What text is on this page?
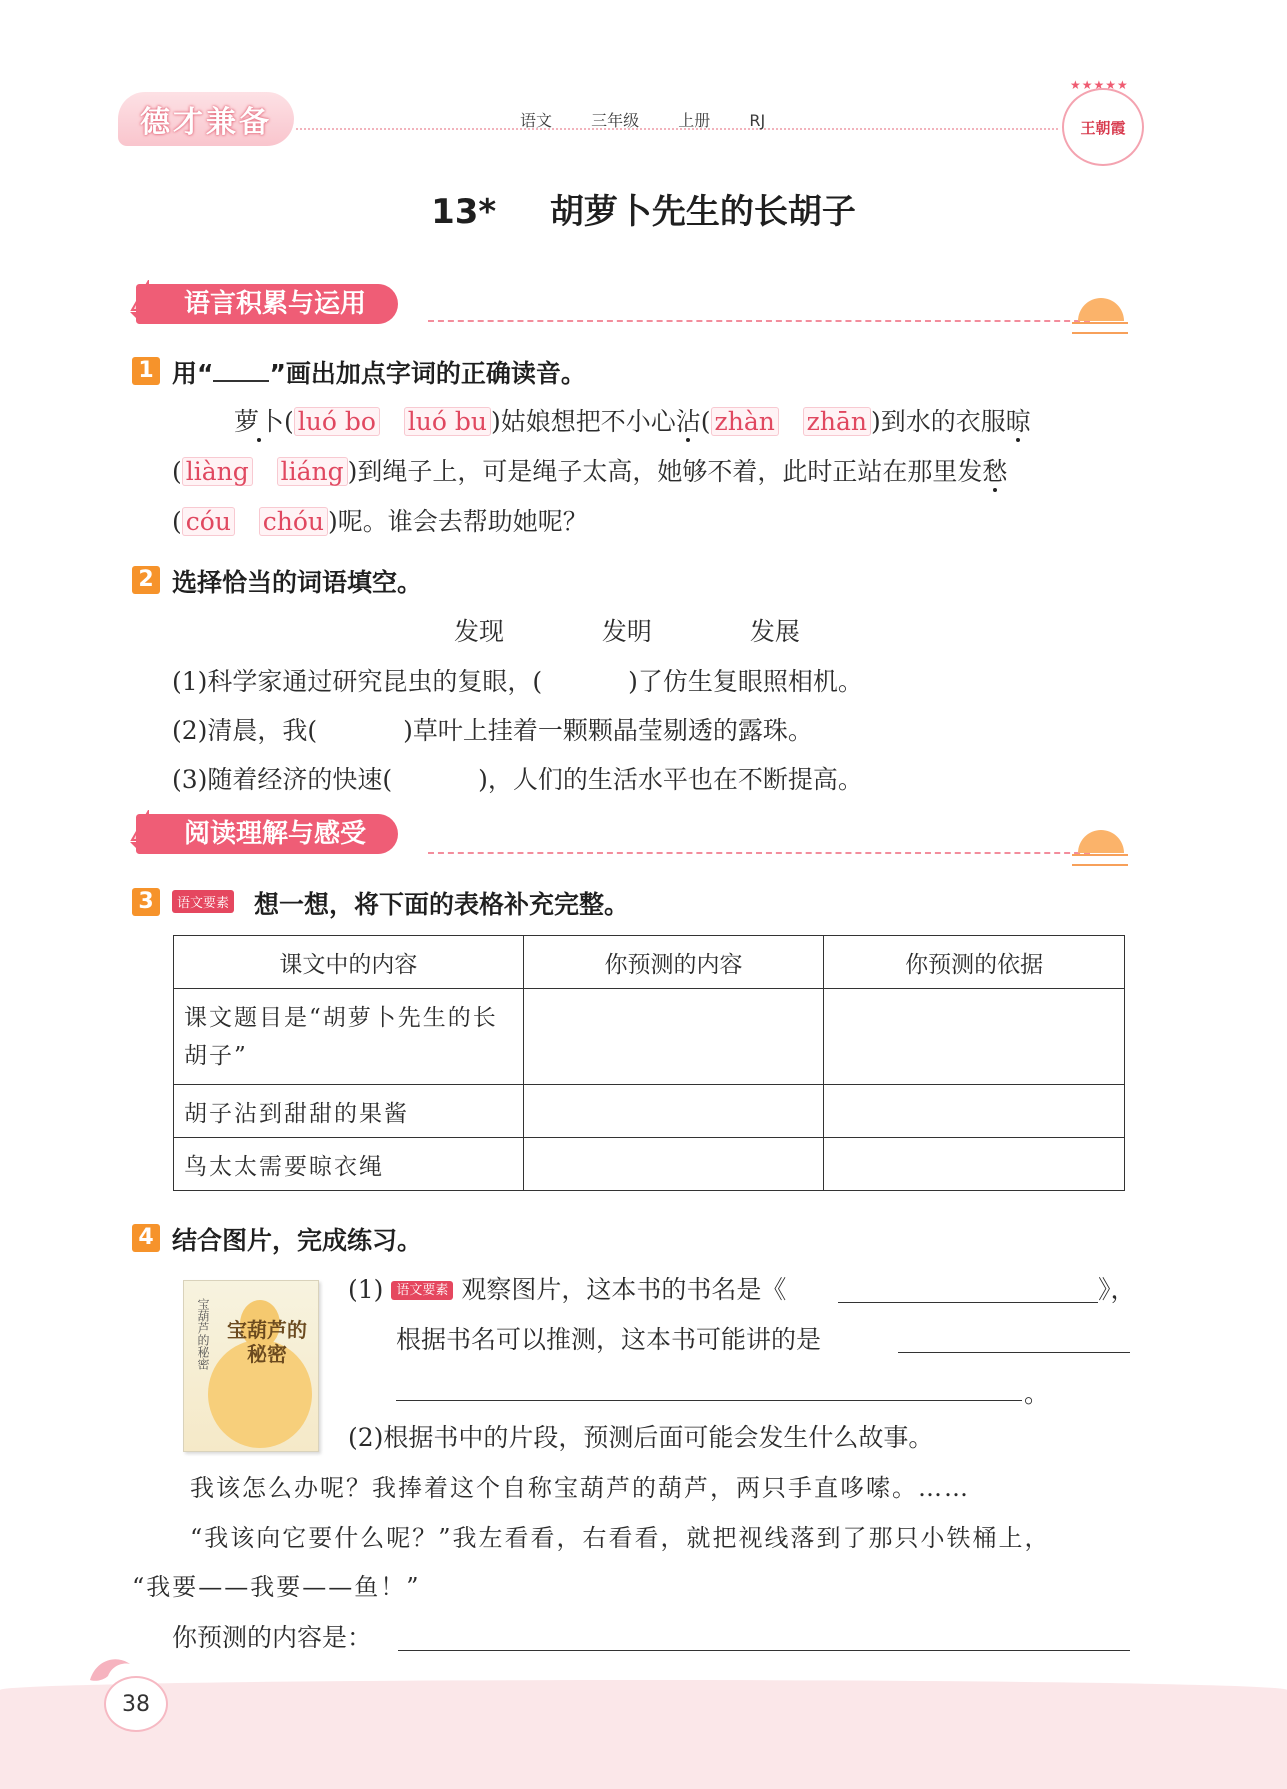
德才兼备	语文 三年级 上册 RJ
★★★★★
王朝霞
13* 胡萝卜先生的长胡子
语言积累与运用
1 用“ ”画出加点字词的正确读音。
萝卜( luó bo luó bu )姑娘想把不小心沾( zhàn zhān )到水的衣服晾
( liàng liáng )到绳子上，可是绳子太高，她够不着，此时正站在那里发愁
( cóu chóu )呢。谁会去帮助她呢？
2 选择恰当的词语填空。
发现	发明	发展
(1)科学家通过研究昆虫的复眼，(	)了仿生复眼照相机。
(2)清晨，我(	)草叶上挂着一颗颗晶莹剔透的露珠。
(3)随着经济的快速(	)，人们的生活水平也在不断提高。
阅读理解与感受
3	语文要素 想一想，将下面的表格补充完整。
课文中的内容	你预测的内容	你预测的依据
课文题目是“胡萝卜先生的长胡子”		
胡子沾到甜甜的果酱		
鸟太太需要晾衣绳		
4 结合图片，完成练习。
宝葫芦的秘密
宝葫芦的秘密
(1) 语文要素 观察图片，这本书的书名是《	》，
根据书名可以推测，这本书可能讲的是
。
(2)根据书中的片段，预测后面可能会发生什么故事。
我该怎么办呢？我捧着这个自称宝葫芦的葫芦，两只手直哆嗦。……
“我该向它要什么呢？”我左看看，右看看，就把视线落到了那只小铁桶上，
“我要——我要——鱼！”
你预测的内容是：
38
